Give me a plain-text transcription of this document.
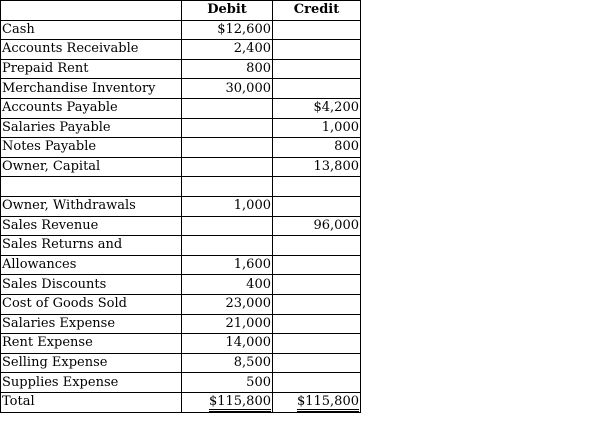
	Debit	Credit
Cash	$12,600	
Accounts Receivable	2,400	
Prepaid Rent	800	
Merchandise Inventory	30,000	
Accounts Payable		$4,200
Salaries Payable		1,000
Notes Payable		800
Owner, Capital		13,800

Owner, Withdrawals	1,000	
Sales Revenue		96,000
Sales Returns and		
Allowances	1,600	
Sales Discounts	400	
Cost of Goods Sold	23,000	
Salaries Expense	21,000	
Rent Expense	14,000	
Selling Expense	8,500	
Supplies Expense	500	
Total	$115,800	$115,800
